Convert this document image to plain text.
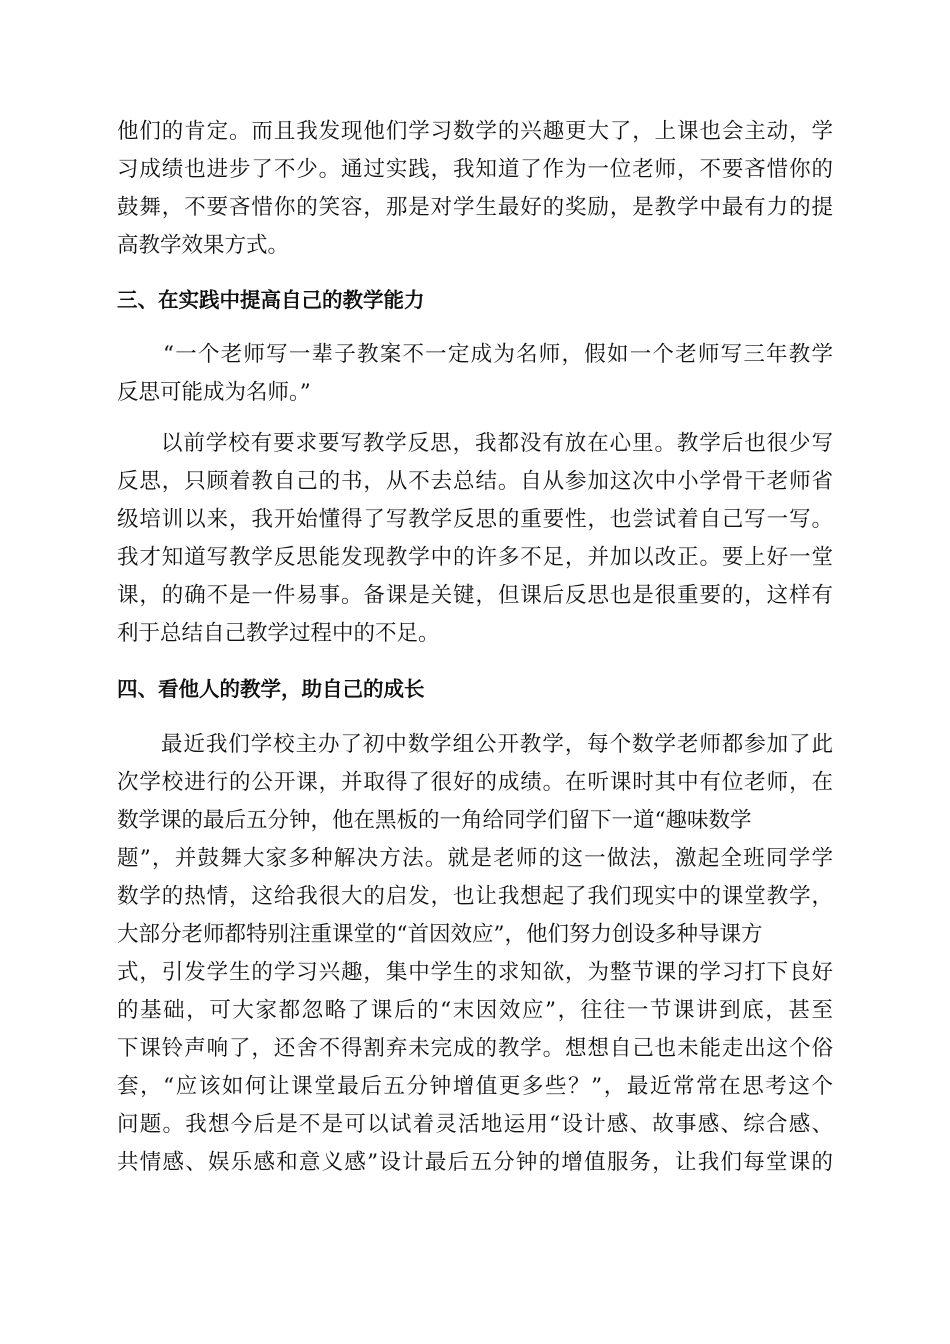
他们的肯定。而且我发现他们学习数学的兴趣更大了，上课也会主动，学
习成绩也进步了不少。通过实践，我知道了作为一位老师，不要吝惜你的
鼓舞，不要吝惜你的笑容，那是对学生最好的奖励，是教学中最有力的提
高教学效果方式。
三、在实践中提高自己的教学能力
“一个老师写一辈子教案不一定成为名师，假如一个老师写三年教学
反思可能成为名师。”
以前学校有要求要写教学反思，我都没有放在心里。教学后也很少写
反思，只顾着教自己的书，从不去总结。自从参加这次中小学骨干老师省
级培训以来，我开始懂得了写教学反思的重要性，也尝试着自己写一写。
我才知道写教学反思能发现教学中的许多不足，并加以改正。要上好一堂
课，的确不是一件易事。备课是关键，但课后反思也是很重要的，这样有
利于总结自己教学过程中的不足。
四、看他人的教学，助自己的成长
最近我们学校主办了初中数学组公开教学，每个数学老师都参加了此
次学校进行的公开课，并取得了很好的成绩。在听课时其中有位老师，在
数学课的最后五分钟，他在黑板的一角给同学们留下一道“趣味数学
题”，并鼓舞大家多种解决方法。就是老师的这一做法，激起全班同学学
数学的热情，这给我很大的启发，也让我想起了我们现实中的课堂教学，
大部分老师都特别注重课堂的“首因效应”，他们努力创设多种导课方
式，引发学生的学习兴趣，集中学生的求知欲，为整节课的学习打下良好
的基础，可大家都忽略了课后的“末因效应”，往往一节课讲到底，甚至
下课铃声响了，还舍不得割弃未完成的教学。想想自己也未能走出这个俗
套，“应该如何让课堂最后五分钟增值更多些？”，最近常常在思考这个
问题。我想今后是不是可以试着灵活地运用“设计感、故事感、综合感、
共情感、娱乐感和意义感”设计最后五分钟的增值服务，让我们每堂课的
